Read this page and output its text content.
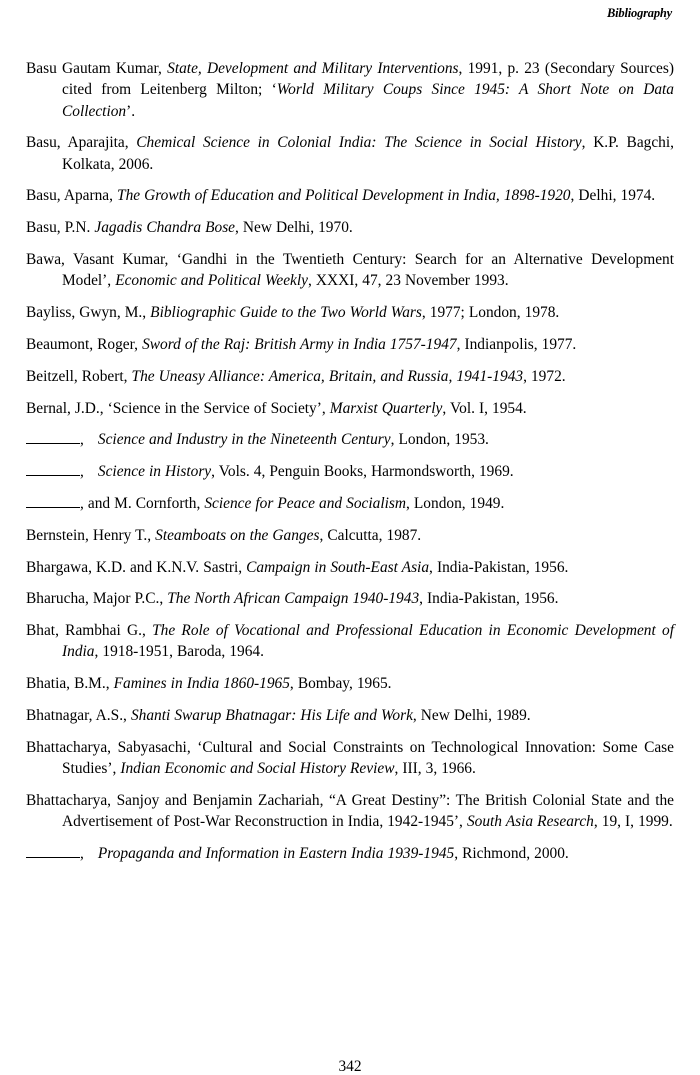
Bibliography

Basu Gautam Kumar, State, Development and Military Interventions, 1991, p. 23 (Secondary Sources) cited from Leitenberg Milton; ‘World Military Coups Since 1945: A Short Note on Data Collection’.

Basu, Aparajita, Chemical Science in Colonial India: The Science in Social History, K.P. Bagchi, Kolkata, 2006.

Basu, Aparna, The Growth of Education and Political Development in India, 1898-1920, Delhi, 1974.

Basu, P.N. Jagadis Chandra Bose, New Delhi, 1970.

Bawa, Vasant Kumar, ‘Gandhi in the Twentieth Century: Search for an Alternative Development Model’, Economic and Political Weekly, XXXI, 47, 23 November 1993.

Bayliss, Gwyn, M., Bibliographic Guide to the Two World Wars, 1977; London, 1978.

Beaumont, Roger, Sword of the Raj: British Army in India 1757-1947, Indianpolis, 1977.

Beitzell, Robert, The Uneasy Alliance: America, Britain, and Russia, 1941-1943, 1972.

Bernal, J.D., ‘Science in the Service of Society’, Marxist Quarterly, Vol. I, 1954.

, Science and Industry in the Nineteenth Century, London, 1953.

, Science in History, Vols. 4, Penguin Books, Harmondsworth, 1969.

, and M. Cornforth, Science for Peace and Socialism, London, 1949.

Bernstein, Henry T., Steamboats on the Ganges, Calcutta, 1987.

Bhargawa, K.D. and K.N.V. Sastri, Campaign in South-East Asia, India-Pakistan, 1956.

Bharucha, Major P.C., The North African Campaign 1940-1943, India-Pakistan, 1956.

Bhat, Rambhai G., The Role of Vocational and Professional Education in Economic Development of India, 1918-1951, Baroda, 1964.

Bhatia, B.M., Famines in India 1860-1965, Bombay, 1965.

Bhatnagar, A.S., Shanti Swarup Bhatnagar: His Life and Work, New Delhi, 1989.

Bhattacharya, Sabyasachi, ‘Cultural and Social Constraints on Technological Innovation: Some Case Studies’, Indian Economic and Social History Review, III, 3, 1966.

Bhattacharya, Sanjoy and Benjamin Zachariah, “A Great Destiny”: The British Colonial State and the Advertisement of Post-War Reconstruction in India, 1942-1945’, South Asia Research, 19, I, 1999.

, Propaganda and Information in Eastern India 1939-1945, Richmond, 2000.

342
